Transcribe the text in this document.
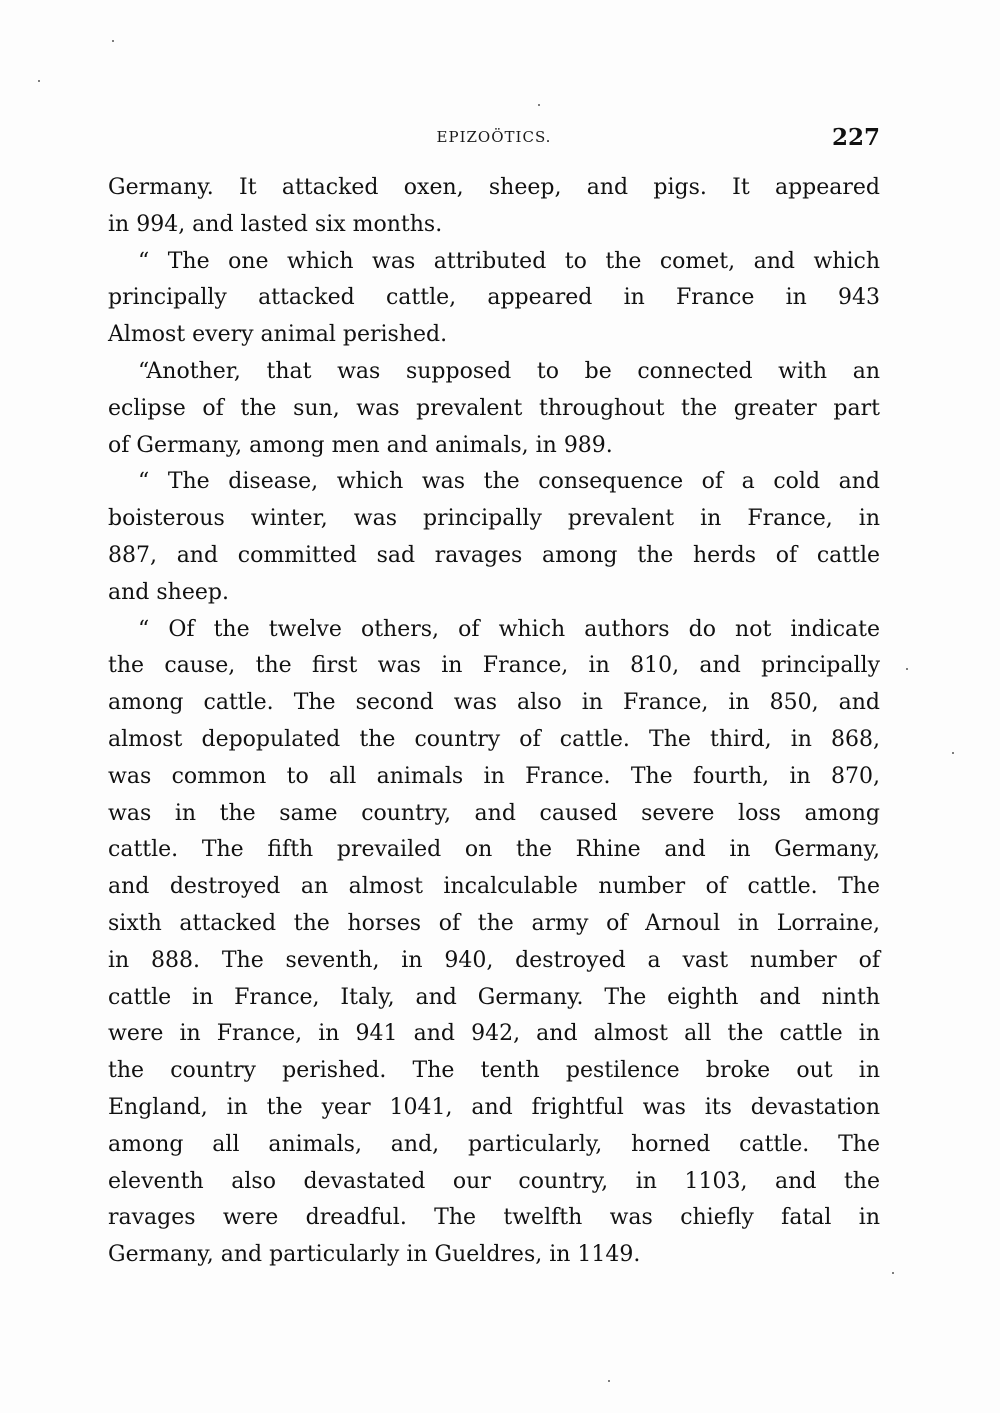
EPIZOÖTICS.	227

Germany. It attacked oxen, sheep, and pigs. It appeared
in 994, and lasted six months.

“ The one which was attributed to the comet, and which
principally attacked cattle, appeared in France in 943
Almost every animal perished.

“Another, that was supposed to be connected with an
eclipse of the sun, was prevalent throughout the greater part
of Germany, among men and animals, in 989.

“ The disease, which was the consequence of a cold and
boisterous winter, was principally prevalent in France, in
887, and committed sad ravages among the herds of cattle
and sheep.

“ Of the twelve others, of which authors do not indicate
the cause, the first was in France, in 810, and principally
among cattle. The second was also in France, in 850, and
almost depopulated the country of cattle. The third, in 868,
was common to all animals in France. The fourth, in 870,
was in the same country, and caused severe loss among
cattle. The fifth prevailed on the Rhine and in Germany,
and destroyed an almost incalculable number of cattle. The
sixth attacked the horses of the army of Arnoul in Lorraine,
in 888. The seventh, in 940, destroyed a vast number of
cattle in France, Italy, and Germany. The eighth and ninth
were in France, in 941 and 942, and almost all the cattle in
the country perished. The tenth pestilence broke out in
England, in the year 1041, and frightful was its devastation
among all animals, and, particularly, horned cattle. The
eleventh also devastated our country, in 1103, and the
ravages were dreadful. The twelfth was chiefly fatal in
Germany, and particularly in Gueldres, in 1149.
